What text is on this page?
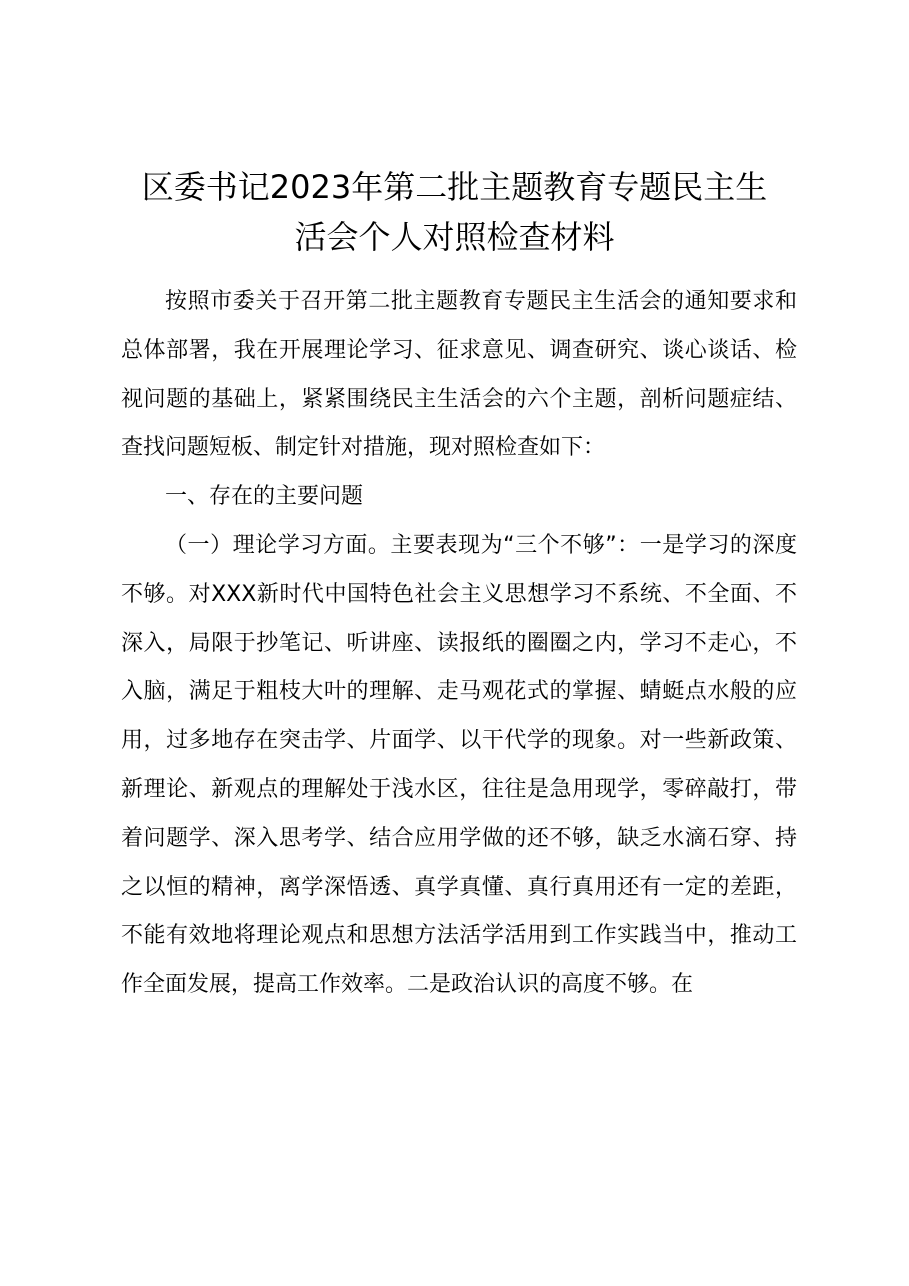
区委书记2023年第二批主题教育专题民主生
活会个人对照检查材料

按照市委关于召开第二批主题教育专题民主生活会的通知要求和总体部署，我在开展理论学习、征求意见、调查研究、谈心谈话、检视问题的基础上，紧紧围绕民主生活会的六个主题，剖析问题症结、查找问题短板、制定针对措施，现对照检查如下：

一、存在的主要问题

（一）理论学习方面。主要表现为“三个不够”：一是学习的深度不够。对XXX新时代中国特色社会主义思想学习不系统、不全面、不深入，局限于抄笔记、听讲座、读报纸的圈圈之内，学习不走心，不入脑，满足于粗枝大叶的理解、走马观花式的掌握、蜻蜓点水般的应用，过多地存在突击学、片面学、以干代学的现象。对一些新政策、新理论、新观点的理解处于浅水区，往往是急用现学，零碎敲打，带着问题学、深入思考学、结合应用学做的还不够，缺乏水滴石穿、持之以恒的精神，离学深悟透、真学真懂、真行真用还有一定的差距，不能有效地将理论观点和思想方法活学活用到工作实践当中，推动工作全面发展，提高工作效率。二是政治认识的高度不够。在
